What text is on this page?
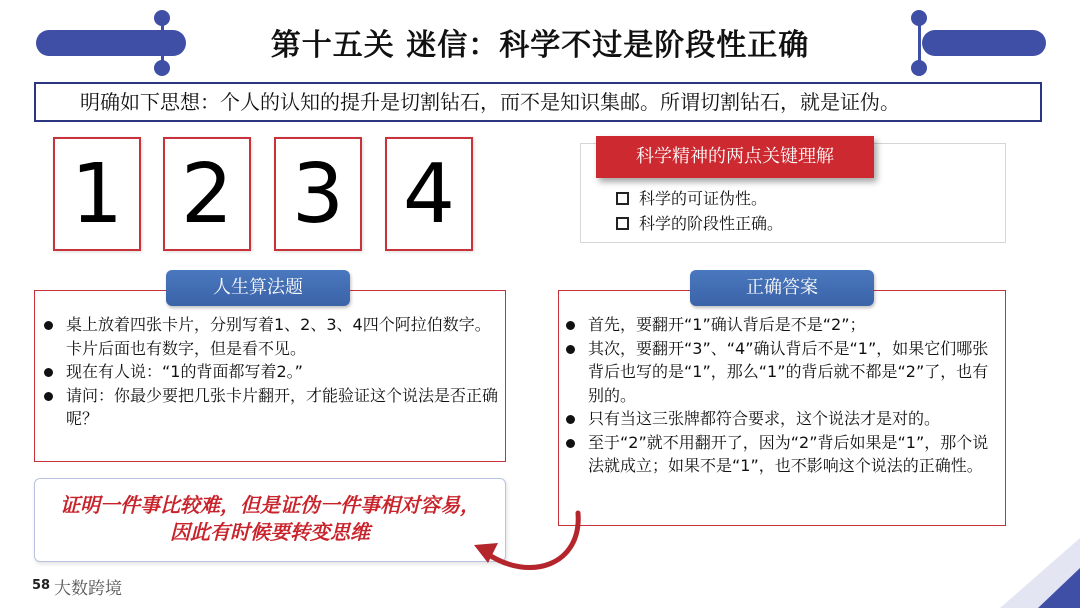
第十五关 迷信：科学不过是阶段性正确
明确如下思想：个人的认知的提升是切割钻石，而不是知识集邮。所谓切割钻石，就是证伪。
1 2 3 4	科学精神的两点关键理解
科学的可证伪性。
科学的阶段性正确。
人生算法题
桌上放着四张卡片，分别写着1、2、3、4四个阿拉伯数字。卡片后面也有数字，但是看不见。
现在有人说：“1的背面都写着2。”
请问：你最少要把几张卡片翻开，才能验证这个说法是否正确呢？
正确答案
首先，要翻开“1”确认背后是不是“2”；
其次，要翻开“3”、“4”确认背后不是“1”，如果它们哪张背后也写的是“1”，那么“1”的背后就不都是“2”了，也有别的。
只有当这三张牌都符合要求，这个说法才是对的。
至于“2”就不用翻开了，因为“2”背后如果是“1”，那个说法就成立；如果不是“1”，也不影响这个说法的正确性。
证明一件事比较难，但是证伪一件事相对容易，
因此有时候要转变思维
58 大数跨境
